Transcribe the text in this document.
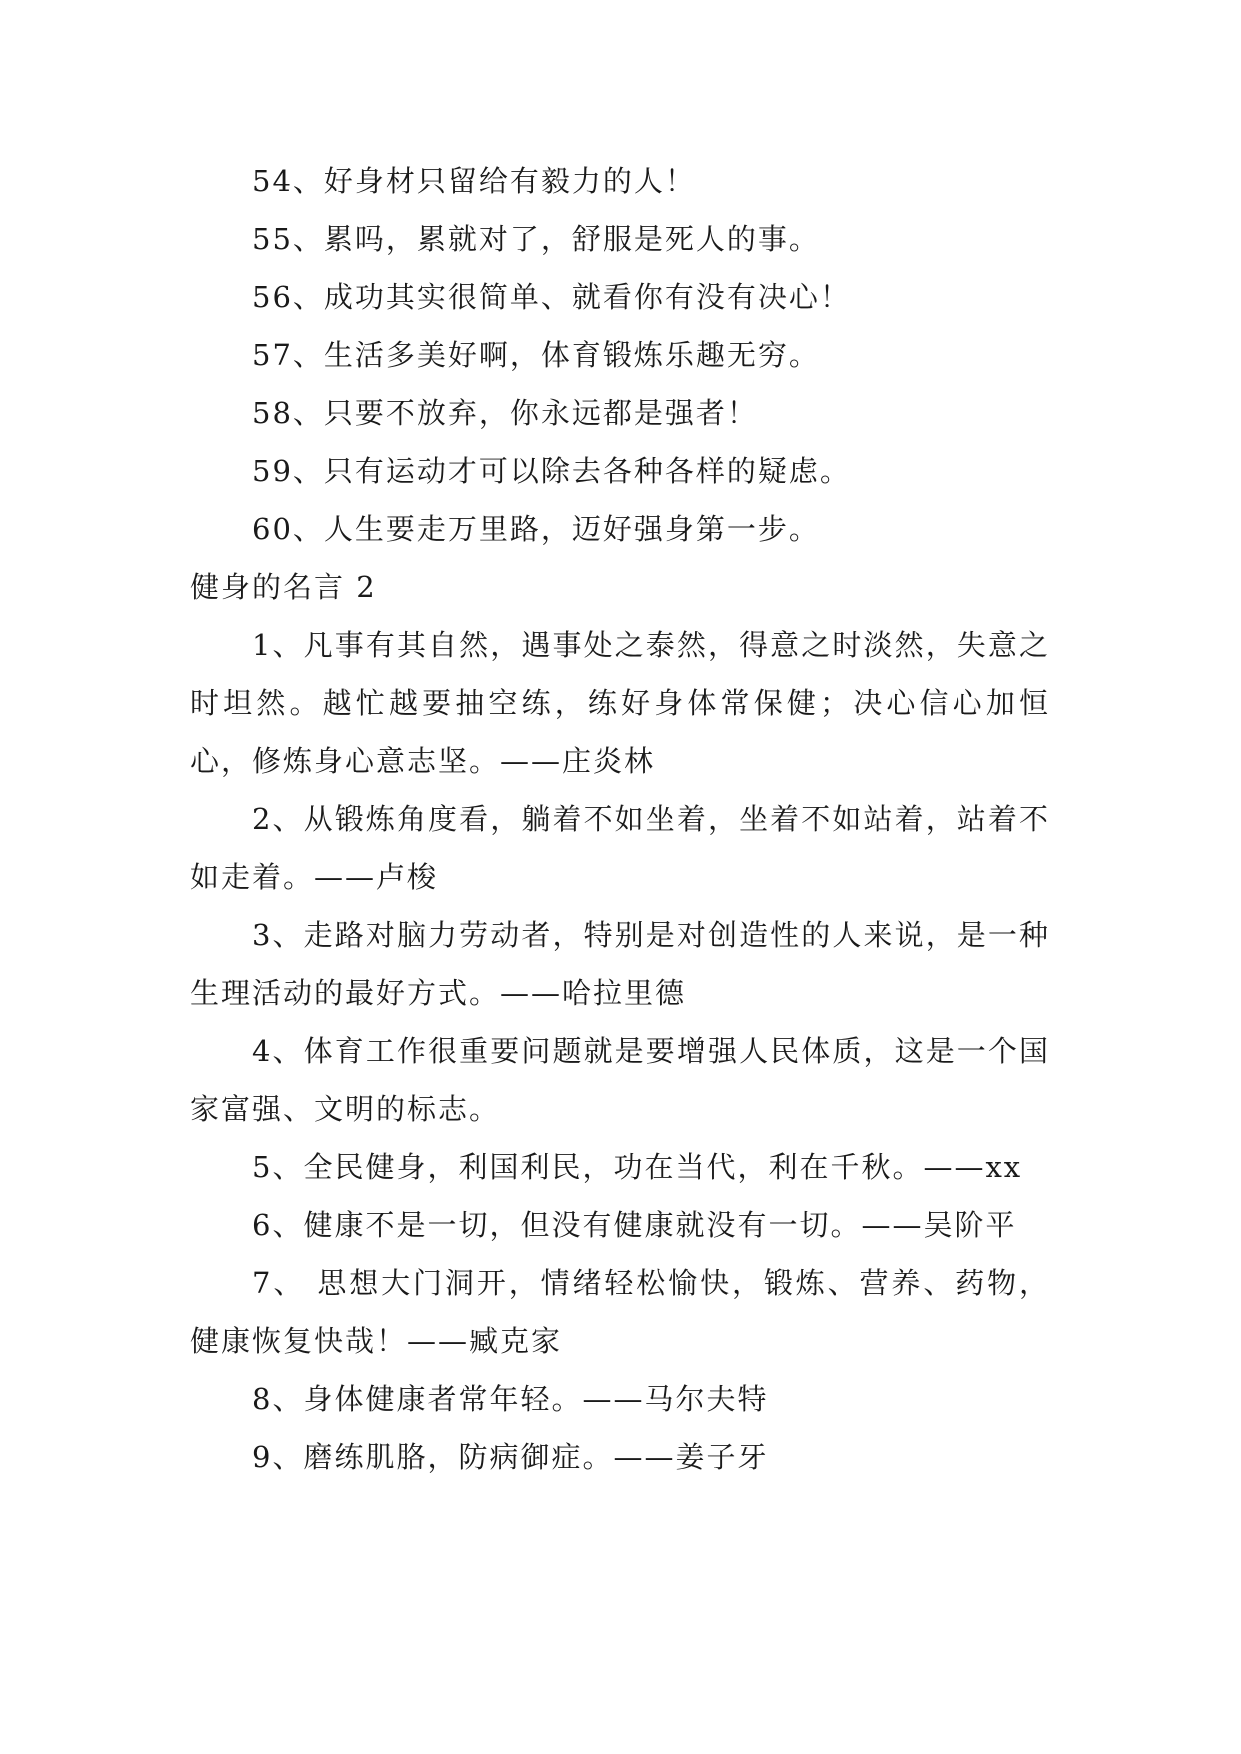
54、好身材只留给有毅力的人！
55、累吗，累就对了，舒服是死人的事。
56、成功其实很简单、就看你有没有决心！
57、生活多美好啊，体育锻炼乐趣无穷。
58、只要不放弃，你永远都是强者！
59、只有运动才可以除去各种各样的疑虑。
60、人生要走万里路，迈好强身第一步。
健身的名言 2

1、凡事有其自然，遇事处之泰然，得意之时淡然，失意之时坦然。越忙越要抽空练，练好身体常保健；决心信心加恒心，修炼身心意志坚。——庄炎林

2、从锻炼角度看，躺着不如坐着，坐着不如站着，站着不如走着。——卢梭

3、走路对脑力劳动者，特别是对创造性的人来说，是一种生理活动的最好方式。——哈拉里德

4、体育工作很重要问题就是要增强人民体质，这是一个国家富强、文明的标志。

5、全民健身，利国利民，功在当代，利在千秋。——xx

6、健康不是一切，但没有健康就没有一切。——吴阶平

7、 思想大门洞开，情绪轻松愉快，锻炼、营养、药物，健康恢复快哉！——臧克家

8、身体健康者常年轻。——马尔夫特

9、磨练肌胳，防病御症。——姜子牙
